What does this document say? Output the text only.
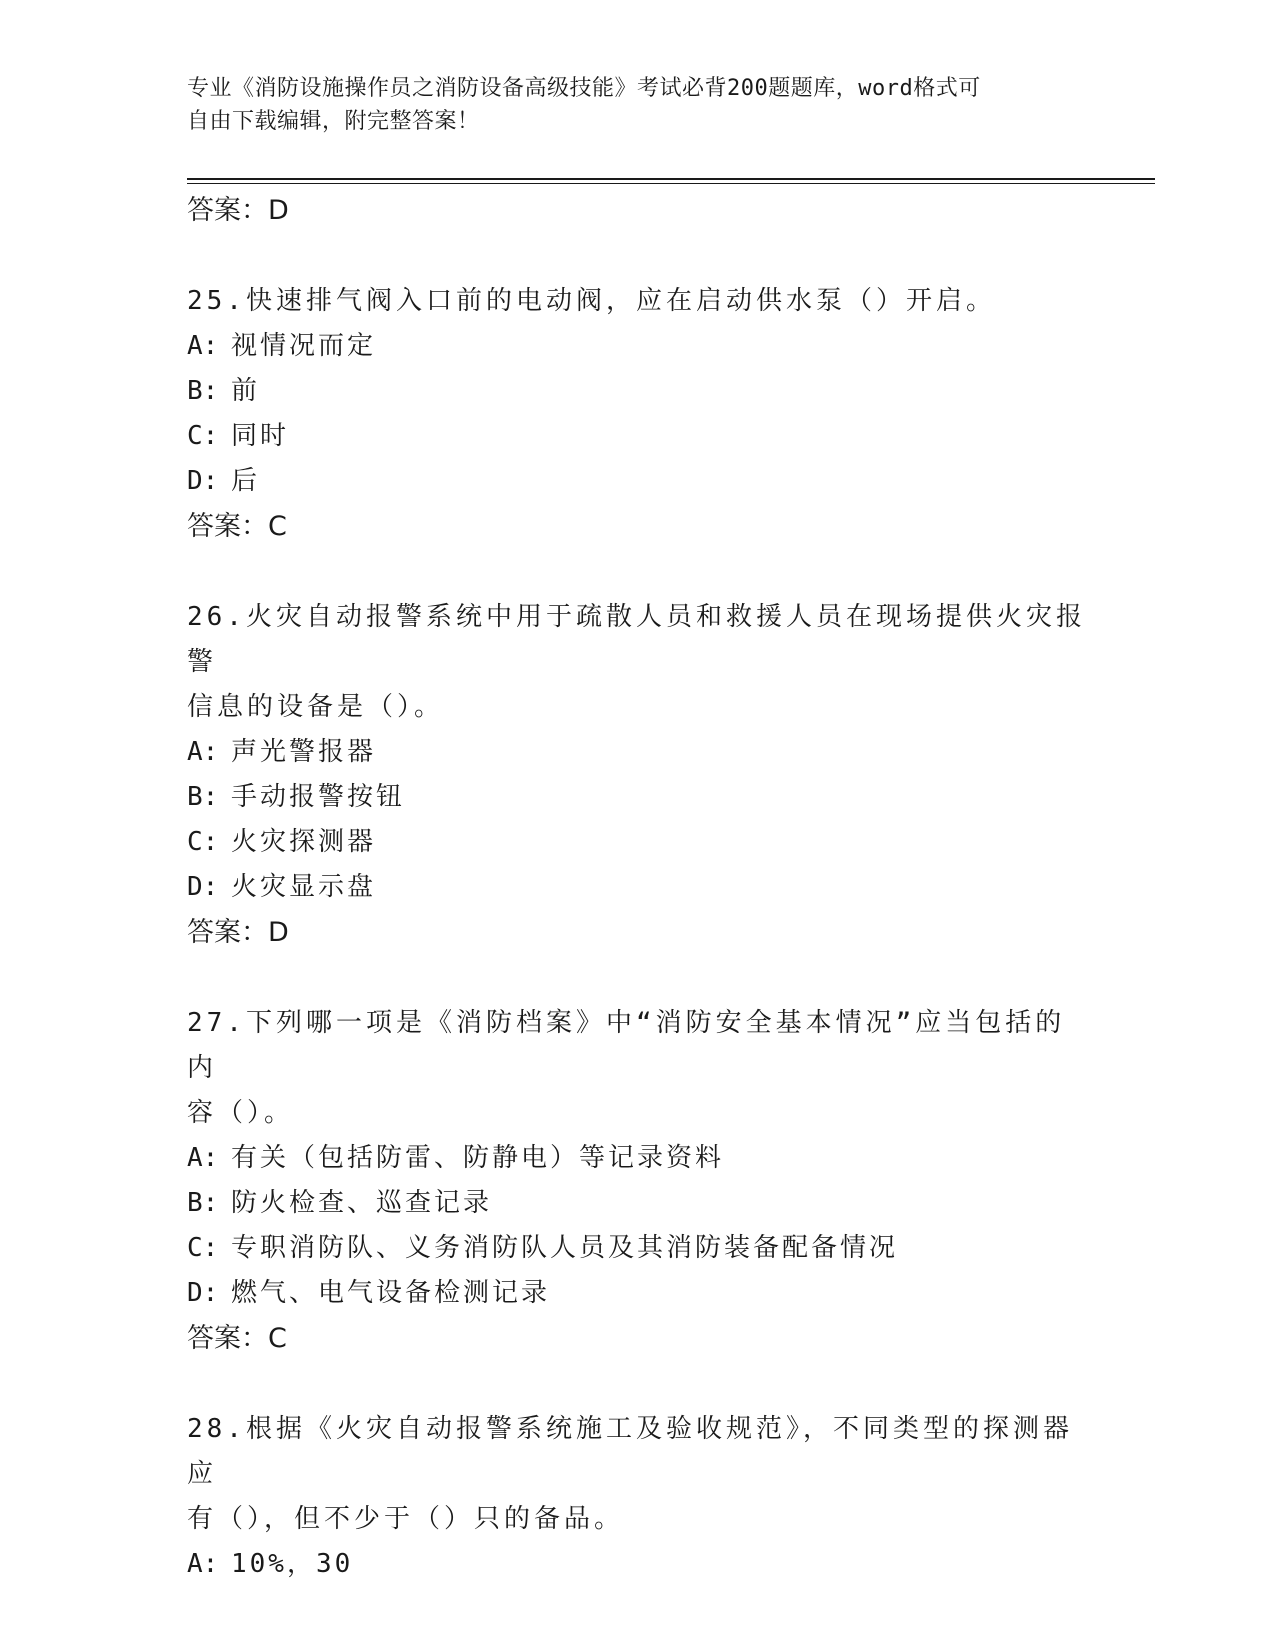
专业《消防设施操作员之消防设备高级技能》考试必背200题题库，word格式可
自由下载编辑，附完整答案！
答案：D
25.快速排气阀入口前的电动阀，应在启动供水泵（）开启。
A: 视情况而定
B: 前
C: 同时
D: 后
答案：C
26.火灾自动报警系统中用于疏散人员和救援人员在现场提供火灾报警
信息的设备是（）。
A: 声光警报器
B: 手动报警按钮
C: 火灾探测器
D: 火灾显示盘
答案：D
27.下列哪一项是《消防档案》中“消防安全基本情况”应当包括的内
容（）。
A: 有关（包括防雷、防静电）等记录资料
B: 防火检查、巡查记录
C: 专职消防队、义务消防队人员及其消防装备配备情况
D: 燃气、电气设备检测记录
答案：C
28.根据《火灾自动报警系统施工及验收规范》，不同类型的探测器应
有（），但不少于（）只的备品。
A: 10%，30
